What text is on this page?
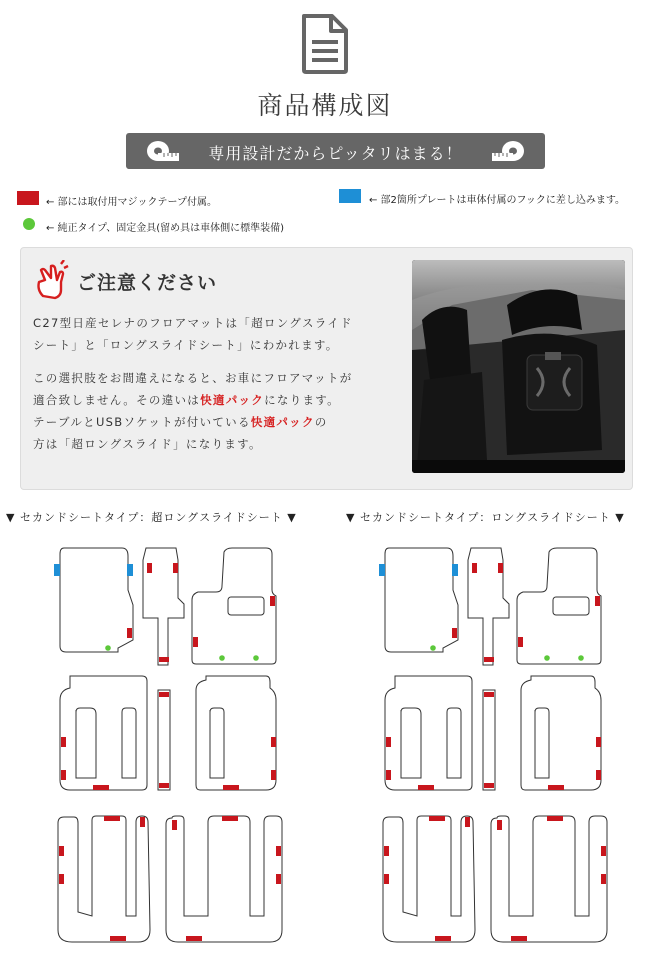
商品構成図
専用設計だからピッタリはまる！
← 部には取付用マジックテープ付属。	← 部2箇所プレートは車体付属のフックに差し込みます。
← 純正タイプ、固定金具(留め具は車体側に標準装備)
ご注意ください
C27型日産セレナのフロアマットは「超ロングスライド
シート」と「ロングスライドシート」にわかれます。
この選択肢をお間違えになると、お車にフロアマットが
適合致しません。その違いは快適パックになります。
テーブルとUSBソケットが付いている快適パックの
方は「超ロングスライド」になります。
▼ セカンドシートタイプ：超ロングスライドシート ▼	▼ セカンドシートタイプ：ロングスライドシート ▼
